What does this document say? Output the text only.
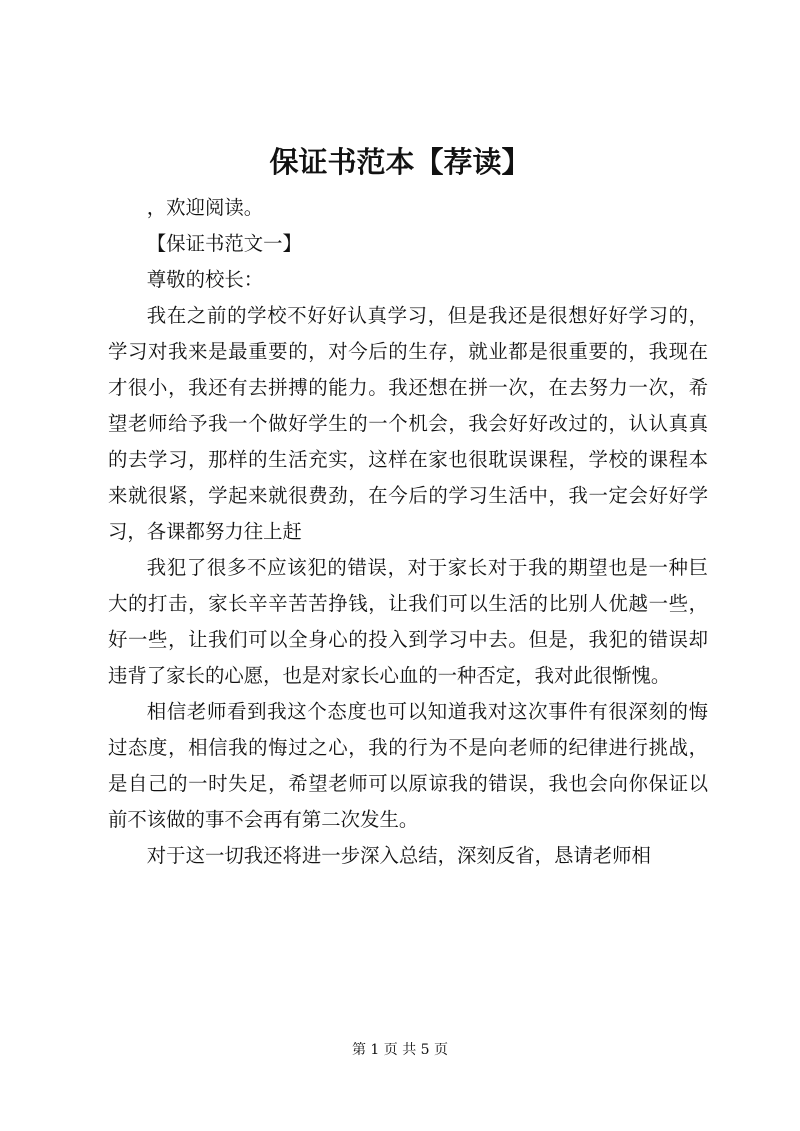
保证书范本【荐读】

，欢迎阅读。

【保证书范文一】

尊敬的校长：

我在之前的学校不好好认真学习，但是我还是很想好好学习的，学习对我来是最重要的，对今后的生存，就业都是很重要的，我现在才很小，我还有去拼搏的能力。我还想在拼一次，在去努力一次，希望老师给予我一个做好学生的一个机会，我会好好改过的，认认真真的去学习，那样的生活充实，这样在家也很耽误课程，学校的课程本来就很紧，学起来就很费劲，在今后的学习生活中，我一定会好好学习，各课都努力往上赶

我犯了很多不应该犯的错误，对于家长对于我的期望也是一种巨大的打击，家长辛辛苦苦挣钱，让我们可以生活的比别人优越一些，好一些，让我们可以全身心的投入到学习中去。但是，我犯的错误却违背了家长的心愿，也是对家长心血的一种否定，我对此很惭愧。

相信老师看到我这个态度也可以知道我对这次事件有很深刻的悔过态度，相信我的悔过之心，我的行为不是向老师的纪律进行挑战，是自己的一时失足，希望老师可以原谅我的错误，我也会向你保证以前不该做的事不会再有第二次发生。

对于这一切我还将进一步深入总结，深刻反省，恳请老师相

第 1 页 共 5 页
